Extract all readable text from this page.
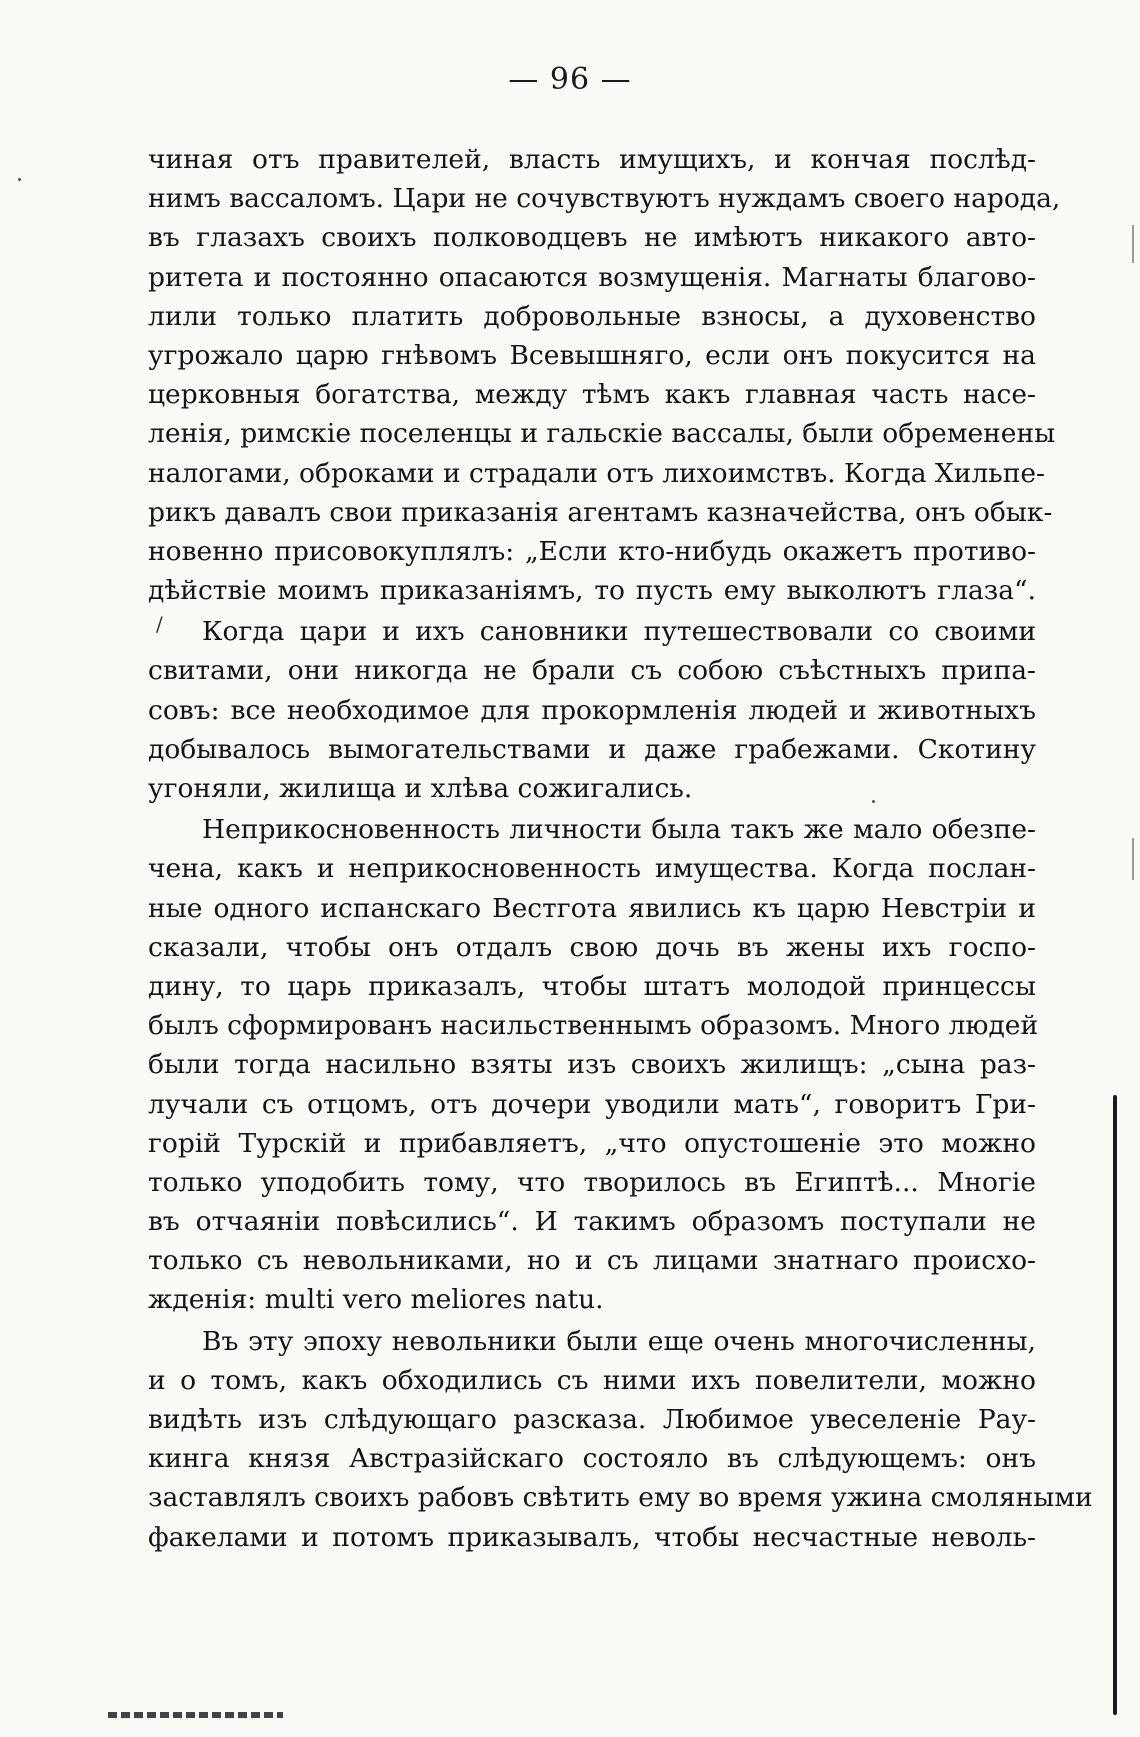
— 96 —
чиная отъ правителей, власть имущихъ, и кончая послѣд-
нимъ вассаломъ. Цари не сочувствуютъ нуждамъ своего народа,
въ глазахъ своихъ полководцевъ не имѣютъ никакого авто-
ритета и постоянно опасаются возмущенія. Магнаты благово-
лили только платить добровольные взносы, а духовенство
угрожало царю гнѣвомъ Всевышняго, если онъ покусится на
церковныя богатства, между тѣмъ какъ главная часть насе-
ленія, римскіе поселенцы и гальскіе вассалы, были обременены
налогами, оброками и страдали отъ лихоимствъ. Когда Хильпе-
рикъ давалъ свои приказанія агентамъ казначейства, онъ обык-
новенно присовокуплялъ: „Если кто-нибудь окажетъ противо-
дѣйствіе моимъ приказаніямъ, то пусть ему выколютъ глаза“.
Когда цари и ихъ сановники путешествовали со своими
свитами, они никогда не брали съ собою съѣстныхъ припа-
совъ: все необходимое для прокормленія людей и животныхъ
добывалось вымогательствами и даже грабежами. Скотину
угоняли, жилища и хлѣва сожигались.
Неприкосновенность личности была такъ же мало обезпе-
чена, какъ и неприкосновенность имущества. Когда послан-
ные одного испанскаго Вестгота явились къ царю Невстріи и
сказали, чтобы онъ отдалъ свою дочь въ жены ихъ госпо-
дину, то царь приказалъ, чтобы штатъ молодой принцессы
былъ сформированъ насильственнымъ образомъ. Много людей
были тогда насильно взяты изъ своихъ жилищъ: „сына раз-
лучали съ отцомъ, отъ дочери уводили мать“, говоритъ Гри-
горій Турскій и прибавляетъ, „что опустошеніе это можно
только уподобить тому, что творилось въ Египтѣ... Многіе
въ отчаяніи повѣсились“. И такимъ образомъ поступали не
только съ невольниками, но и съ лицами знатнаго происхо-
жденія: multi vero meliores natu.
Въ эту эпоху невольники были еще очень многочисленны,
и о томъ, какъ обходились съ ними ихъ повелители, можно
видѣть изъ слѣдующаго разсказа. Любимое увеселеніе Рау-
кинга князя Австразійскаго состояло въ слѣдующемъ: онъ
заставлялъ своихъ рабовъ свѣтить ему во время ужина смоляными
факелами и потомъ приказывалъ, чтобы несчастные неволь-
/
